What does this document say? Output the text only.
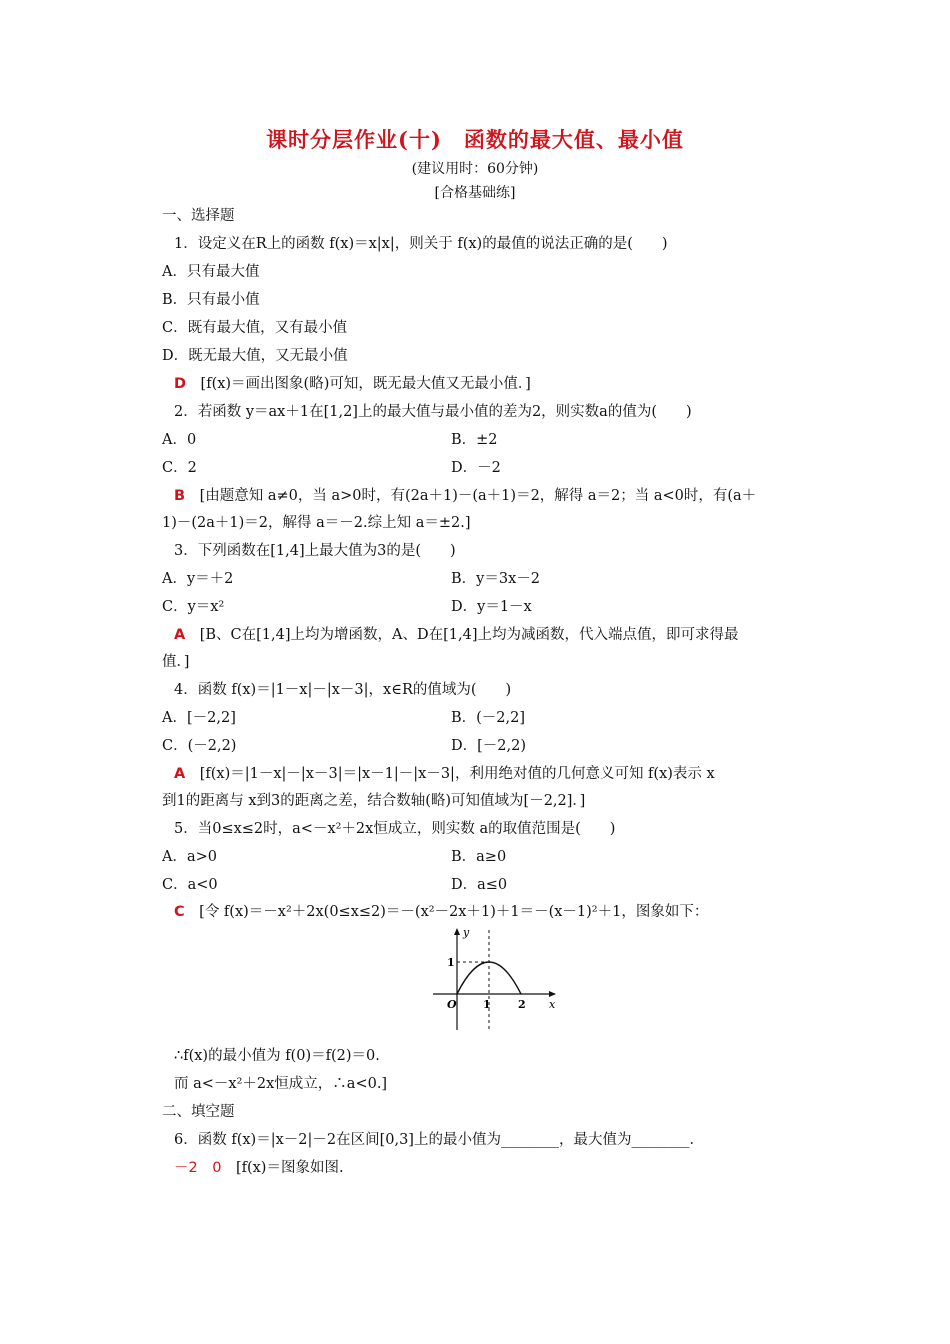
课时分层作业(十)　函数的最大值、最小值
(建议用时：60分钟)
[合格基础练]
一、选择题
1．设定义在R上的函数 f(x)＝x|x|，则关于 f(x)的最值的说法正确的是(　　)
A．只有最大值
B．只有最小值
C．既有最大值，又有最小值
D．既无最大值，又无最小值
D　 [f(x)＝画出图象(略)可知，既无最大值又无最小值．]
2．若函数 y＝ax＋1在[1,2]上的最大值与最小值的差为2，则实数a的值为(　　)
A．0	B．±2
C．2	D．－2
B　 [由题意知 a≠0，当 a>0时，有(2a＋1)－(a＋1)＝2，解得 a＝2；当 a<0时，有(a＋
1)－(2a＋1)＝2，解得 a＝－2.综上知 a＝±2.]
3．下列函数在[1,4]上最大值为3的是(　　)
A．y＝＋2	B．y＝3x－2
C．y＝x²	D．y＝1－x
A　 [B、C在[1,4]上均为增函数，A、D在[1,4]上均为减函数，代入端点值，即可求得最
值．]
4．函数 f(x)＝|1－x|－|x－3|，x∈R的值域为(　　)
A．[－2,2]	B．(－2,2]
C．(－2,2)	D．[－2,2)
A　 [f(x)＝|1－x|－|x－3|＝|x－1|－|x－3|，利用绝对值的几何意义可知 f(x)表示 x
到1的距离与 x到3的距离之差，结合数轴(略)可知值域为[－2,2]．]
5．当0≤x≤2时，a<－x²＋2x恒成立，则实数 a的取值范围是(　　)
A．a>0	B．a≥0
C．a<0	D．a≤0
C　 [令 f(x)＝－x²＋2x(0≤x≤2)＝－(x²－2x＋1)＋1＝－(x－1)²＋1，图象如下：
y
x
O 1 2
1
∴f(x)的最小值为 f(0)＝f(2)＝0.
而 a<－x²＋2x恒成立，∴a<0.]
二、填空题
6．函数 f(x)＝|x－2|－2在区间[0,3]上的最小值为________，最大值为________．
－2　0　 [f(x)＝图象如图.
